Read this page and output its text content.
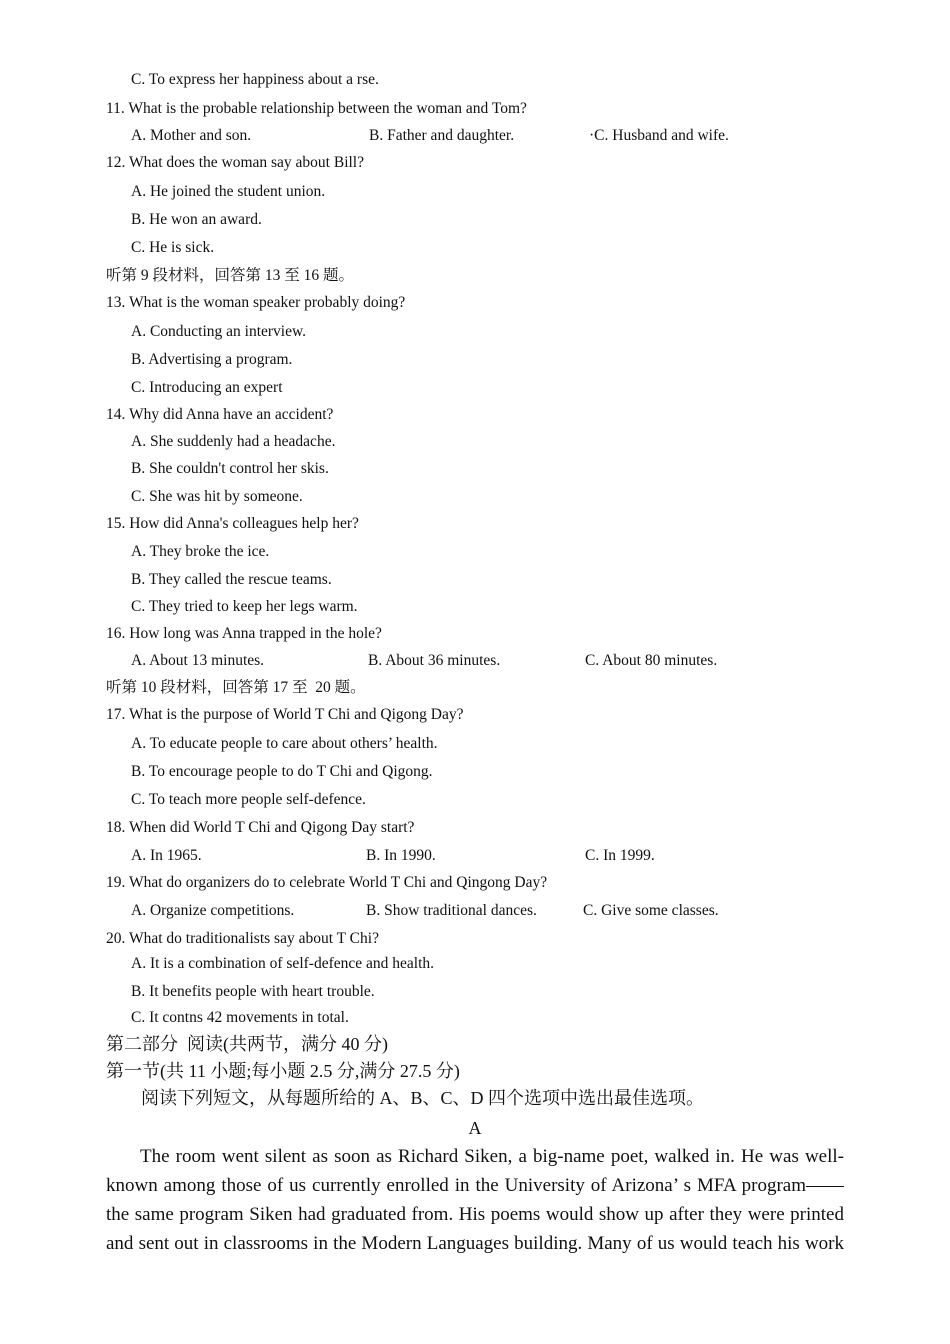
C. To express her happiness about a rse.
11. What is the probable relationship between the woman and Tom?
A. Mother and son.	B. Father and daughter.	·C. Husband and wife.
12. What does the woman say about Bill?
A. He joined the student union.
B. He won an award.
C. He is sick.
听第 9 段材料，回答第 13 至 16 题。
13. What is the woman speaker probably doing?
A. Conducting an interview.
B. Advertising a program.
C. Introducing an expert
14. Why did Anna have an accident?
A. She suddenly had a headache.
B. She couldn't control her skis.
C. She was hit by someone.
15. How did Anna's colleagues help her?
A. They broke the ice.
B. They called the rescue teams.
C. They tried to keep her legs warm.
16. How long was Anna trapped in the hole?
A. About 13 minutes.	B. About 36 minutes.	C. About 80 minutes.
听第 10 段材料，回答第 17 至  20 题。
17. What is the purpose of World T Chi and Qigong Day?
A. To educate people to care about others’ health.
B. To encourage people to do T Chi and Qigong.
C. To teach more people self-defence.
18. When did World T Chi and Qigong Day start?
A. In 1965.	B. In 1990.	C. In 1999.
19. What do organizers do to celebrate World T Chi and Qingong Day?
A. Organize competitions.	B. Show traditional dances.	C. Give some classes.
20. What do traditionalists say about T Chi?
A. It is a combination of self-defence and health.
B. It benefits people with heart trouble.
C. It contns 42 movements in total.
第二部分  阅读(共两节，满分 40 分)
第一节(共 11 小题;每小题 2.5 分,满分 27.5 分)
阅读下列短文，从每题所给的 A、B、C、D 四个选项中选出最佳选项。
A
The room went silent as soon as Richard Siken, a big-name poet, walked in. He was well-
known among those of us currently enrolled in the University of Arizona’ s MFA program——
the same program Siken had graduated from. His poems would show up after they were printed
and sent out in classrooms in the Modern Languages building. Many of us would teach his work
